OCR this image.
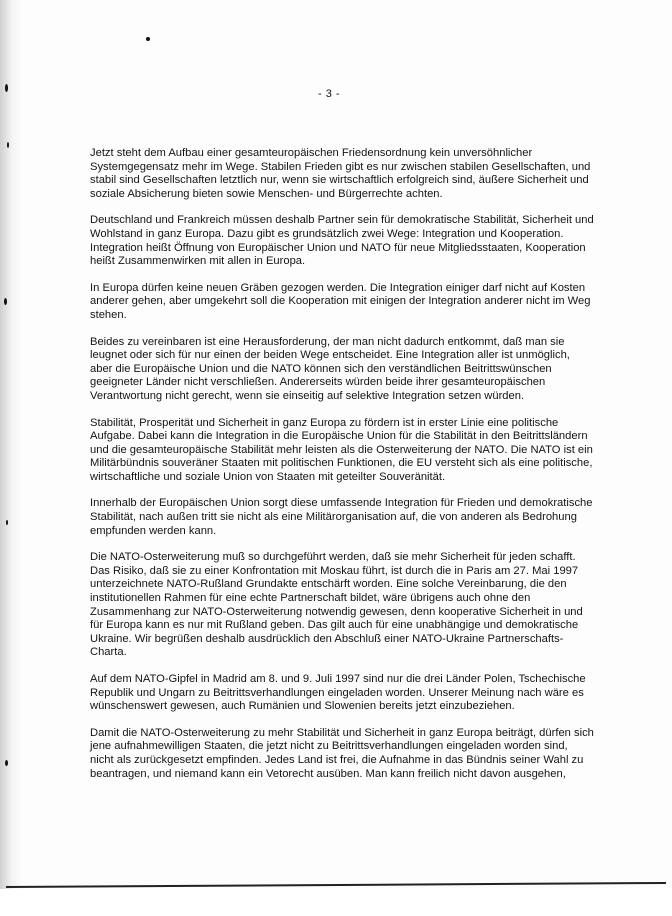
- 3 -

Jetzt steht dem Aufbau einer gesamteuropäischen Friedensordnung kein unversöhnlicher Systemgegensatz mehr im Wege. Stabilen Frieden gibt es nur zwischen stabilen Gesellschaften, und stabil sind Gesellschaften letztlich nur, wenn sie wirtschaftlich erfolgreich sind, äußere Sicherheit und soziale Absicherung bieten sowie Menschen- und Bürgerrechte achten.

Deutschland und Frankreich müssen deshalb Partner sein für demokratische Stabilität, Sicherheit und Wohlstand in ganz Europa. Dazu gibt es grundsätzlich zwei Wege: Integration und Kooperation. Integration heißt Öffnung von Europäischer Union und NATO für neue Mitgliedsstaaten, Kooperation heißt Zusammenwirken mit allen in Europa.

In Europa dürfen keine neuen Gräben gezogen werden. Die Integration einiger darf nicht auf Kosten anderer gehen, aber umgekehrt soll die Kooperation mit einigen der Integration anderer nicht im Weg stehen.

Beides zu vereinbaren ist eine Herausforderung, der man nicht dadurch entkommt, daß man sie leugnet oder sich für nur einen der beiden Wege entscheidet. Eine Integration aller ist unmöglich, aber die Europäische Union und die NATO können sich den verständlichen Beitrittswünschen geeigneter Länder nicht verschließen. Andererseits würden beide ihrer gesamteuropäischen Verantwortung nicht gerecht, wenn sie einseitig auf selektive Integration setzen würden.

Stabilität, Prosperität und Sicherheit in ganz Europa zu fördern ist in erster Linie eine politische Aufgabe. Dabei kann die Integration in die Europäische Union für die Stabilität in den Beitrittsländern und die gesamteuropäische Stabilität mehr leisten als die Osterweiterung der NATO. Die NATO ist ein Militärbündnis souveräner Staaten mit politischen Funktionen, die EU versteht sich als eine politische, wirtschaftliche und soziale Union von Staaten mit geteilter Souveränität.

Innerhalb der Europäischen Union sorgt diese umfassende Integration für Frieden und demokratische Stabilität, nach außen tritt sie nicht als eine Militärorganisation auf, die von anderen als Bedrohung empfunden werden kann.

Die NATO-Osterweiterung muß so durchgeführt werden, daß sie mehr Sicherheit für jeden schafft. Das Risiko, daß sie zu einer Konfrontation mit Moskau führt, ist durch die in Paris am 27. Mai 1997 unterzeichnete NATO-Rußland Grundakte entschärft worden. Eine solche Vereinbarung, die den institutionellen Rahmen für eine echte Partnerschaft bildet, wäre übrigens auch ohne den Zusammenhang zur NATO-Osterweiterung notwendig gewesen, denn kooperative Sicherheit in und für Europa kann es nur mit Rußland geben. Das gilt auch für eine unabhängige und demokratische Ukraine. Wir begrüßen deshalb ausdrücklich den Abschluß einer NATO-Ukraine Partnerschafts-Charta.

Auf dem NATO-Gipfel in Madrid am 8. und 9. Juli 1997 sind nur die drei Länder Polen, Tschechische Republik und Ungarn zu Beitrittsverhandlungen eingeladen worden. Unserer Meinung nach wäre es wünschenswert gewesen, auch Rumänien und Slowenien bereits jetzt einzubeziehen.

Damit die NATO-Osterweiterung zu mehr Stabilität und Sicherheit in ganz Europa beiträgt, dürfen sich jene aufnahmewilligen Staaten, die jetzt nicht zu Beitrittsverhandlungen eingeladen worden sind, nicht als zurückgesetzt empfinden. Jedes Land ist frei, die Aufnahme in das Bündnis seiner Wahl zu beantragen, und niemand kann ein Vetorecht ausüben. Man kann freilich nicht davon ausgehen,
